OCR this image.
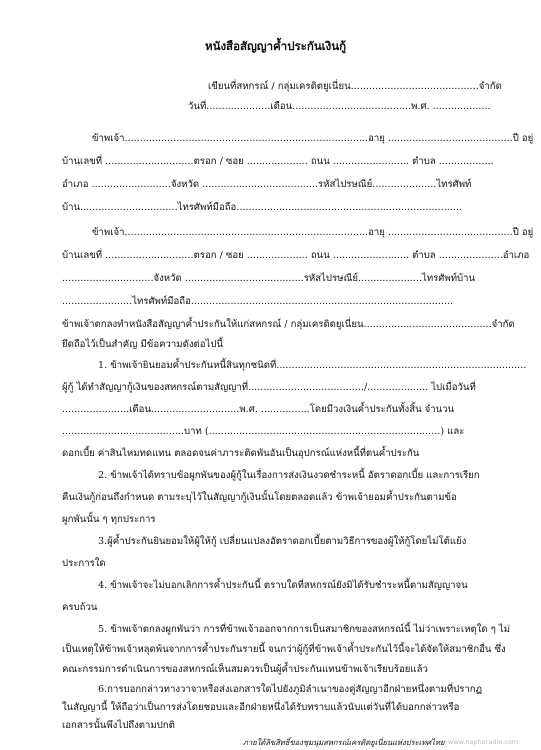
หนังสือสัญญาค้ำประกันเงินกู้
เขียนที่สหกรณ์ / กลุ่มเครดิตยูเนี่ยน..........................................จำกัด
วันที่.....................เดือน.......................................พ.ศ. ...................
ข้าพเจ้า................................................................................อายุ .........................................ปี อยู่
บ้านเลขที่ .............................ตรอก / ซอย .................... ถนน ......................... ตำบล ..................
อำเภอ ..........................จังหวัด ......................................รหัสไปรษณีย์.....................ไทรศัพท์
บ้าน................................ไทรศัพท์มือถือ..........................................................................
ข้าพเจ้า................................................................................อายุ .........................................ปี อยู่
บ้านเลขที่ .............................ตรอก / ซอย .................... ถนน ......................... ตำบล .....................อำเภอ
..............................จังหวัด .......................................รหัสไปรษณีย์.....................ไทรศัพท์บ้าน
.......................ไทรศัพท์มือถือ......................................................................................
ข้าพเจ้าตกลงทำหนังสือสัญญาค้ำประกันให้แก่สหกรณ์ / กลุ่มเครดิตยูเนี่ยน..........................................จำกัด
ยึดถือไว้เป็นสำคัญ มีข้อความดังต่อไปนี้
1. ข้าพเจ้ายินยอมค้ำประกันหนี้สินทุกชนิดที่..................................................................................
ผู้กู้ ได้ทำสัญญากู้เงินของสหกรณ์ตามสัญญาที่....................................../.................... ไปเมื่อวันที่
......................เดือน.............................พ.ศ. ................โดยมีวงเงินค้ำประกันทั้งสิ้น จำนวน
........................................บาท (............................................................................) และ
ดอกเบี้ย ค่าสินไหมทดแทน ตลอดจนค่าภาระติดพันอันเป็นอุปกรณ์แห่งหนี้ที่ตนค้ำประกัน
2. ข้าพเจ้าได้ทราบข้อผูกพันของผู้กู้ในเรื่องการส่งเงินงวดชำระหนี้ อัตราดอกเบี้ย และการเรียก
คืนเงินกู้ก่อนถึงกำหนด ตามระบุไว้ในสัญญากู้เงินนั้นโดยตลอดแล้ว ข้าพเจ้ายอมค้ำประกันตามข้อ
ผูกพันนั้น ๆ ทุกประการ
3.ผู้ค้ำประกันยินยอมให้ผู้ให้กู้ เปลี่ยนแปลงอัตราดอกเบี้ยตามวิธีการของผู้ให้กู้โดยไม่โต้แย้ง
ประการใด
4. ข้าพเจ้าจะไม่บอกเลิกการค้ำประกันนี้ ตราบใดที่สหกรณ์ยังมิได้รับชำระหนี้ตามสัญญาจน
ครบถ้วน
5. ข้าพเจ้าตกลงผูกพันว่า การที่ข้าพเจ้าออกจากการเป็นสมาชิกของสหกรณ์นี้ ไม่ว่าเพราะเหตุใด ๆ ไม่
เป็นเหตุให้ข้าพเจ้าหลุดพ้นจากการค้ำประกันรายนี้ จนกว่าผู้กู้ที่ข้าพเจ้าค้ำประกันไว้นี้จะได้จัดให้สมาชิกอื่น ซึ่ง
คณะกรรมการดำเนินการของสหกรณ์เห็นสมควรเป็นผู้ค้ำประกันแทนข้าพเจ้าเรียบร้อยแล้ว
6.การบอกกล่าวทางวาจาหรือส่งเอกสารใดไปยังภูมิลำเนาของคู่สัญญาอีกฝ่ายหนึ่งตามที่ปรากฏ
ในสัญญานี้ ให้ถือว่าเป็นการส่งโดยชอบและอีกฝ่ายหนึ่งได้รับทราบแล้วนับแต่วันที่ได้บอกกล่าวหรือ
เอกสารนั้นพึงไปถึงตามปกติ
ภายใต้ลิขสิทธิ์ของชุมนุมสหกรณ์เครดิตยูเนี่ยนแห่งประเทศไทย www.naphoradio.com
